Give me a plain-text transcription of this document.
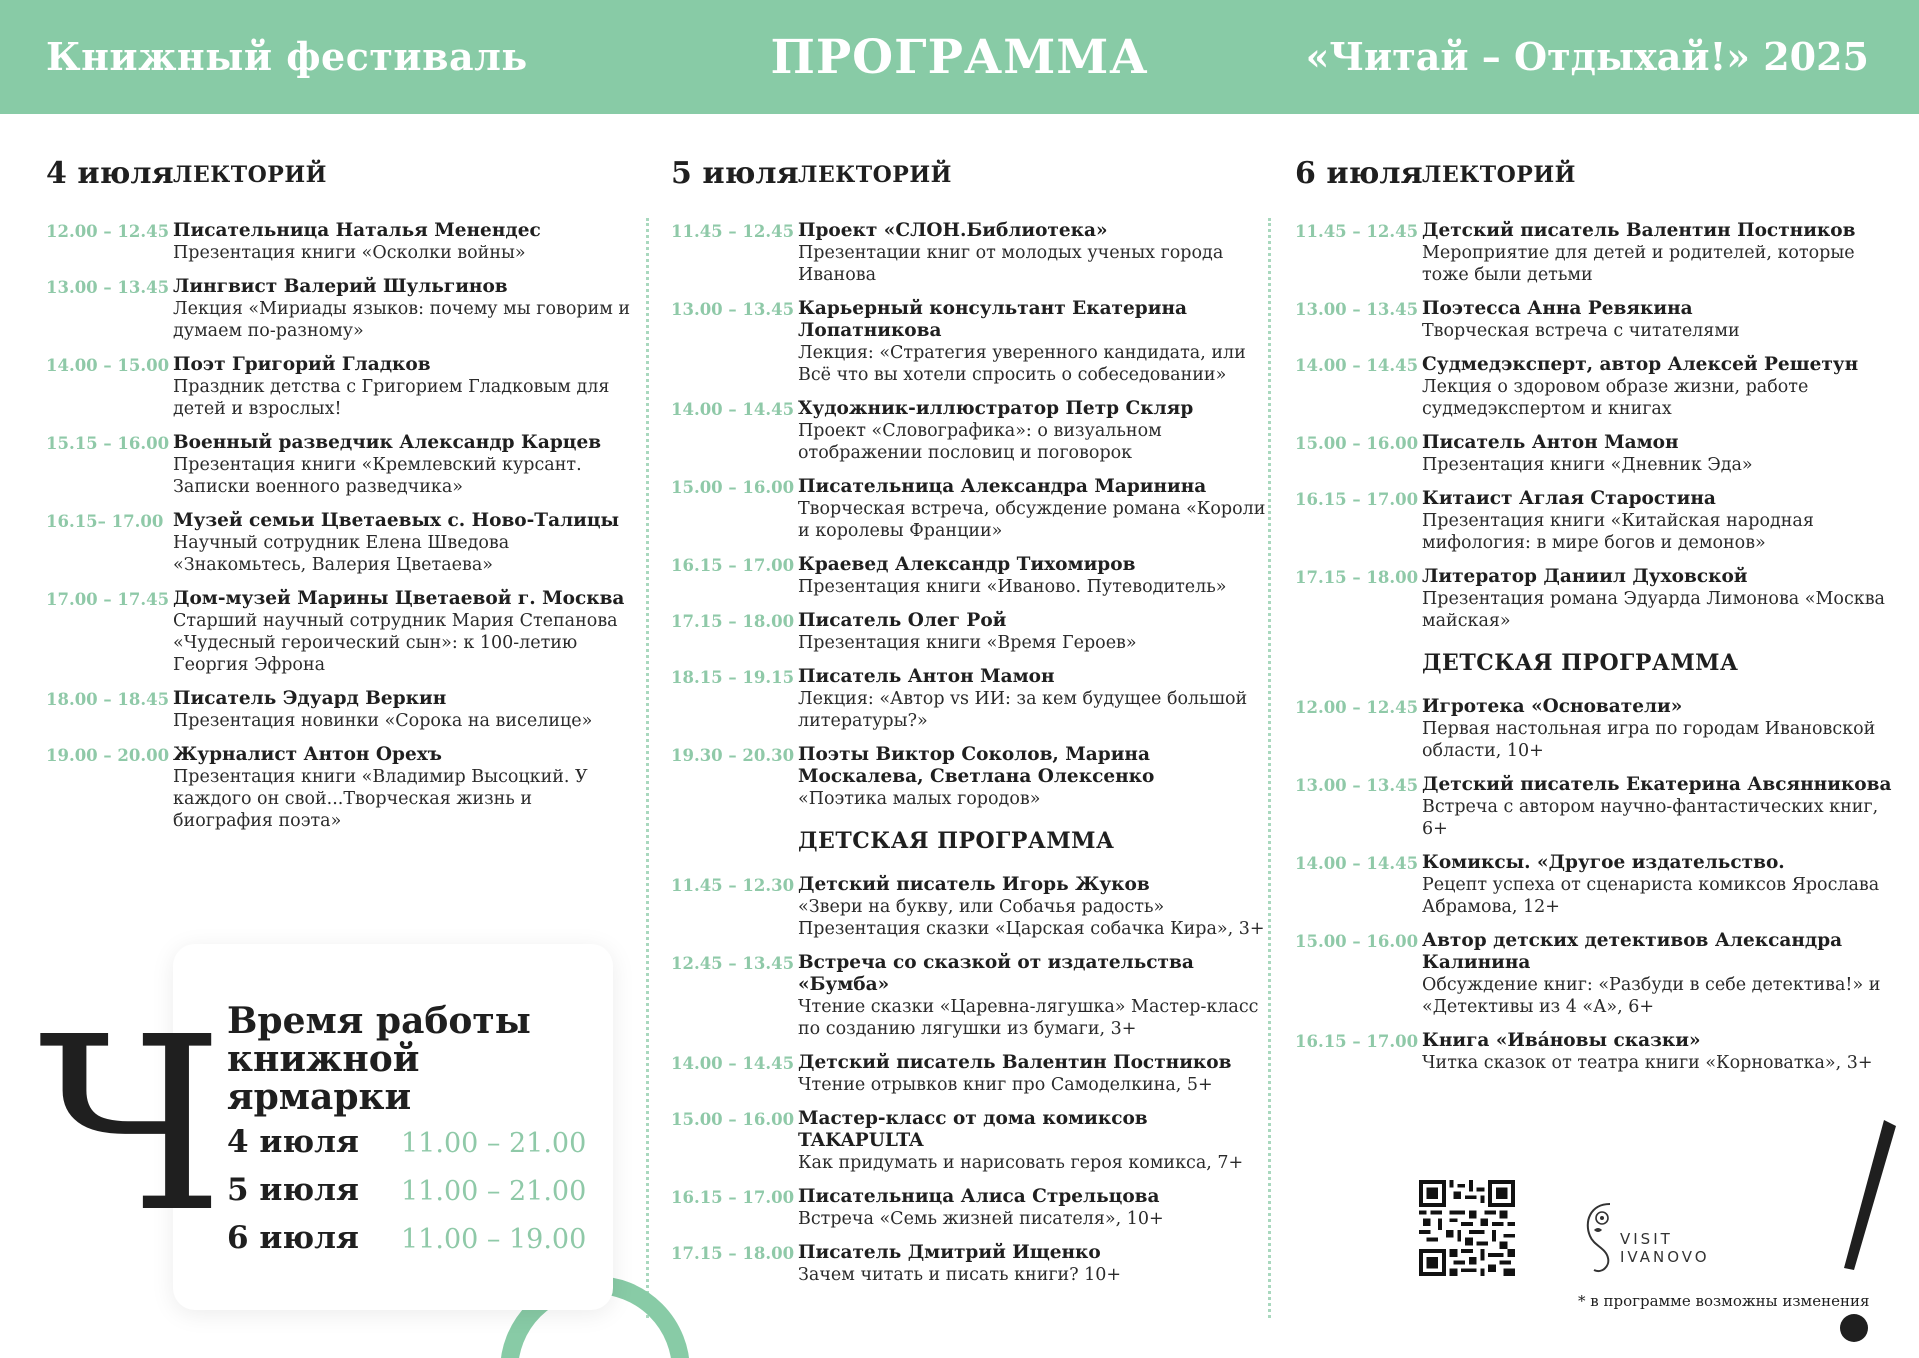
Книжный фестиваль	ПРОГРАММА	«Читай – Отдыхай!» 2025
4 июля ЛЕКТОРИЙ
12.00 – 12.45 Писательница Наталья Менендес
Презентация книги «Осколки войны»
13.00 – 13.45 Лингвист Валерий Шульгинов
Лекция «Мириады языков: почему мы говорим и думаем по-разному»
14.00 – 15.00 Поэт Григорий Гладков
Праздник детства с Григорием Гладковым для детей и взрослых!
15.15 – 16.00 Военный разведчик Александр Карцев
Презентация книги «Кремлевский курсант. Записки военного разведчика»
16.15– 17.00 Музей семьи Цветаевых с. Ново-Талицы
Научный сотрудник Елена Шведова «Знакомьтесь, Валерия Цветаева»
17.00 – 17.45 Дом-музей Марины Цветаевой г. Москва
Старший научный сотрудник Мария Степанова «Чудесный героический сын»: к 100-летию Георгия Эфрона
18.00 – 18.45 Писатель Эдуард Веркин
Презентация новинки «Сорока на виселице»
19.00 – 20.00 Журналист Антон Орехъ
Презентация книги «Владимир Высоцкий. У каждого он свой...Творческая жизнь и биография поэта»
5 июля ЛЕКТОРИЙ
11.45 – 12.45 Проект «СЛОН.Библиотека»
Презентации книг от молодых ученых города Иванова
13.00 – 13.45 Карьерный консультант Екатерина Лопатникова
Лекция: «Стратегия уверенного кандидата, или Всё что вы хотели спросить о собеседовании»
14.00 – 14.45 Художник-иллюстратор Петр Скляр
Проект «Словографика»: о визуальном отображении пословиц и поговорок
15.00 – 16.00 Писательница Александра Маринина
Творческая встреча, обсуждение романа «Короли и королевы Франции»
16.15 – 17.00 Краевед Александр Тихомиров
Презентация книги «Иваново. Путеводитель»
17.15 – 18.00 Писатель Олег Рой
Презентация книги «Время Героев»
18.15 – 19.15 Писатель Антон Мамон
Лекция: «Автор vs ИИ: за кем будущее большой литературы?»
19.30 – 20.30 Поэты Виктор Соколов, Марина Москалева, Светлана Олексенко
«Поэтика малых городов»
ДЕТСКАЯ ПРОГРАММА
11.45 – 12.30 Детский писатель Игорь Жуков
«Звери на букву, или Собачья радость» Презентация сказки «Царская собачка Кира», 3+
12.45 – 13.45 Встреча со сказкой от издательства «Бумба»
Чтение сказки «Царевна-лягушка» Мастер-класс по созданию лягушки из бумаги, 3+
14.00 – 14.45 Детский писатель Валентин Постников
Чтение отрывков книг про Самоделкина, 5+
15.00 – 16.00 Мастер-класс от дома комиксов TAKAPULTA
Как придумать и нарисовать героя комикса, 7+
16.15 – 17.00 Писательница Алиса Стрельцова
Встреча «Семь жизней писателя», 10+
17.15 – 18.00 Писатель Дмитрий Ищенко
Зачем читать и писать книги? 10+
6 июля ЛЕКТОРИЙ
11.45 – 12.45 Детский писатель Валентин Постников
Мероприятие для детей и родителей, которые тоже были детьми
13.00 – 13.45 Поэтесса Анна Ревякина
Творческая встреча с читателями
14.00 – 14.45 Судмедэксперт, автор Алексей Решетун
Лекция о здоровом образе жизни, работе судмедэкспертом и книгах
15.00 – 16.00 Писатель Антон Мамон
Презентация книги «Дневник Эда»
16.15 – 17.00 Китаист Аглая Старостина
Презентация книги «Китайская народная мифология: в мире богов и демонов»
17.15 – 18.00 Литератор Даниил Духовской
Презентация романа Эдуарда Лимонова «Москва майская»
ДЕТСКАЯ ПРОГРАММА
12.00 – 12.45 Игротека «Основатели»
Первая настольная игра по городам Ивановской области, 10+
13.00 – 13.45 Детский писатель Екатерина Авсянникова
Встреча с автором научно-фантастических книг, 6+
14.00 – 14.45 Комиксы. «Другое издательство.
Рецепт успеха от сценариста комиксов Ярослава Абрамова, 12+
15.00 – 16.00 Автор детских детективов Александра Калинина
Обсуждение книг: «Разбуди в себе детектива!» и «Детективы из 4 «А», 6+
16.15 – 17.00 Книга «Ива́новы сказки»
Читка сказок от театра книги «Корноватка», 3+
Время работы книжной ярмарки
4 июля 11.00 – 21.00
5 июля 11.00 – 21.00
6 июля 11.00 – 19.00
Ч	VISIT
IVANOVO
* в программе возможны изменения
